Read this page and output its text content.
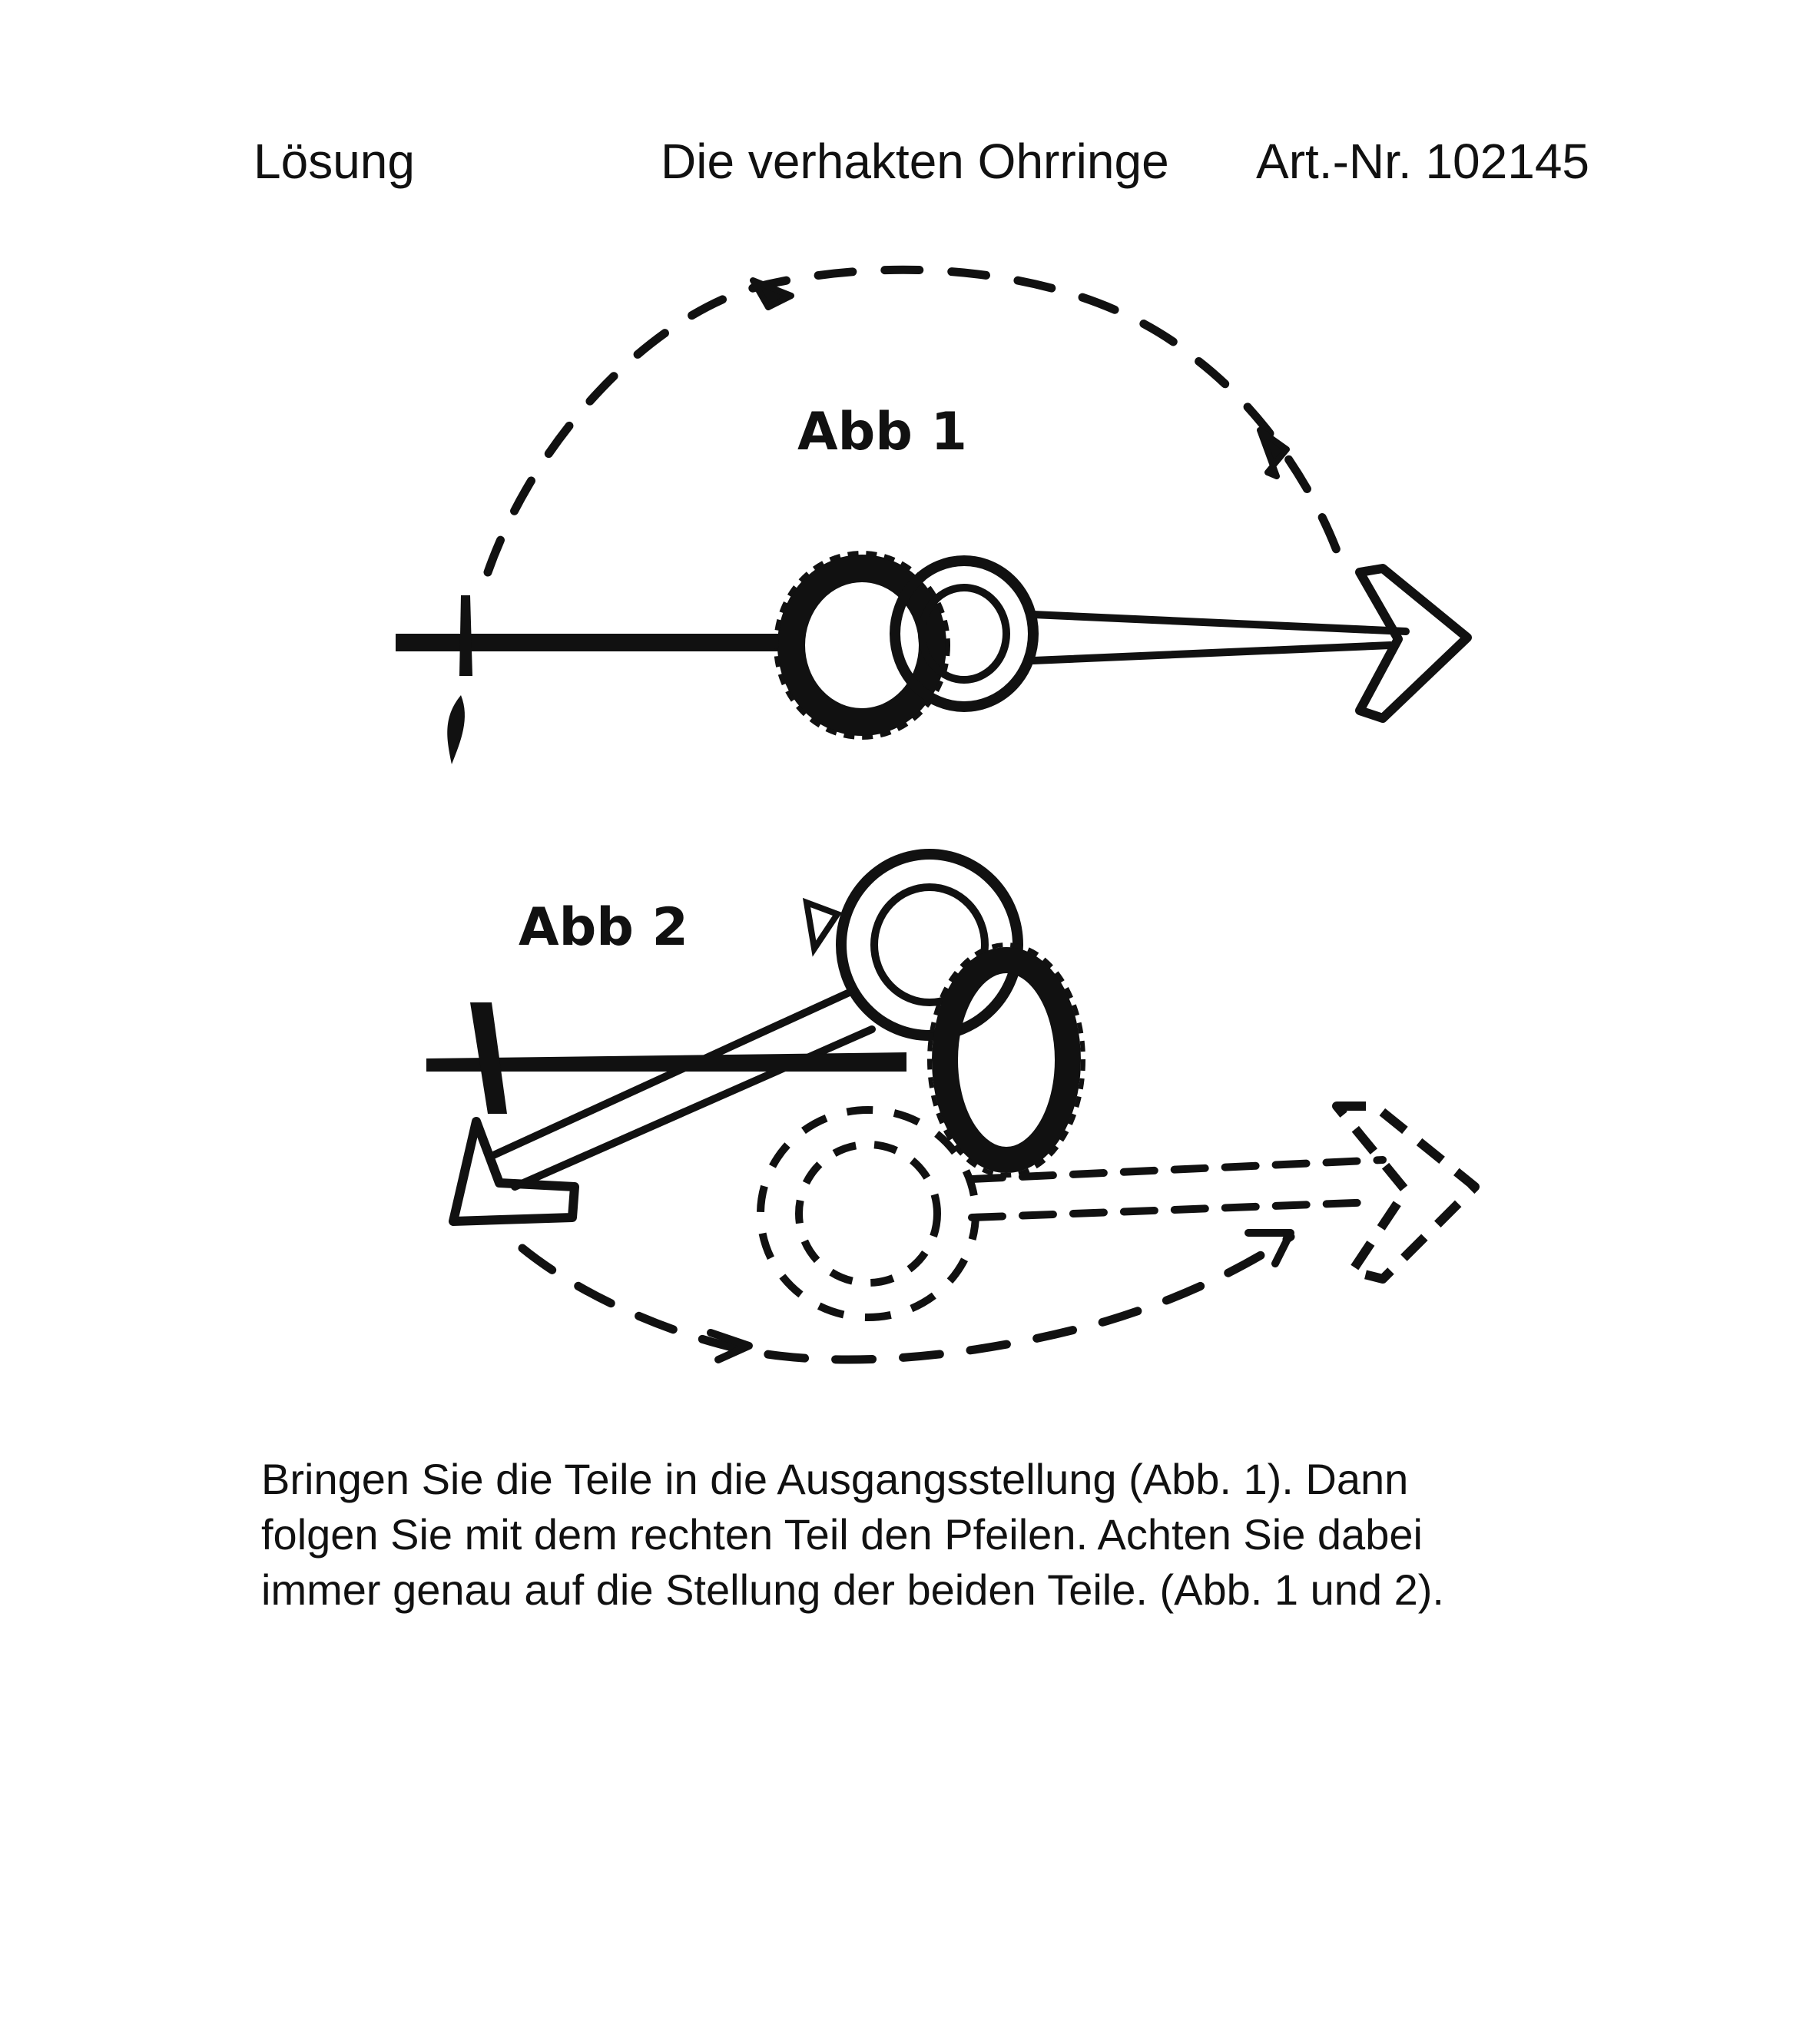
Lösung	Die verhakten Ohrringe Art.-Nr. 102145
Abb 1
Abb 2
Bringen Sie die Teile in die Ausgangsstellung (Abb. 1). Dann
folgen Sie mit dem rechten Teil den Pfeilen. Achten Sie dabei
immer genau auf die Stellung der beiden Teile. (Abb. 1 und 2).
